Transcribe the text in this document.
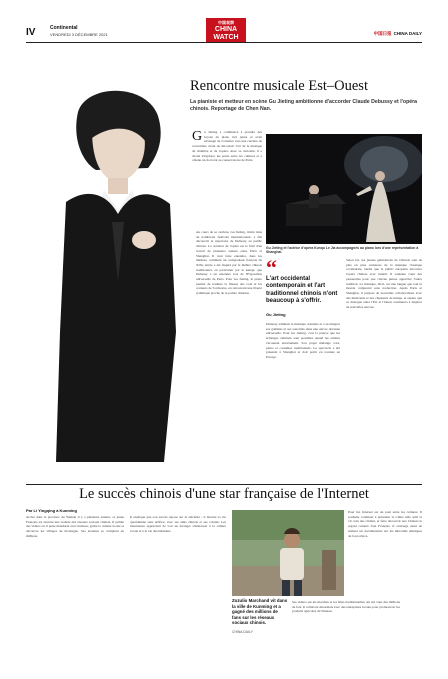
IV	Continental
VENDREDI 3 DÉCEMBRE 2021
中国观察
CHINA
WATCH
中国日报 CHINA DAILY
Rencontre musicale Est–Ouest
La pianiste et metteur en scène Gu Jieting ambitionne d'accorder Claude Debussy et l'opéra chinois. Reportage de Chen Nan.
Gu Jieting a commencé à prendre des leçons de piano très jeune et avait envisagé de s'orienter vers une carrière de concertiste avant de découvrir l'art de la musique de chambre et de l'opéra. Avec sa curiosité, il a choisi d'explorer les ponts entre les cultures et a obtenu un doctorat au conservatoire de Paris.
Au cours de sa carrière, Gu Jieting, invité dans de nombreux festivals internationaux, a fait découvrir le répertoire de Debussy au public chinois. La création de l'opéra est le fruit d'un travail de plusieurs années entre Paris et Shanghai. Il veut faire entendre, dans les théâtres, comment un compositeur français du XIXe siècle a été inspiré par le théâtre chinois traditionnel, en particulier par le kunqu, que Debussy a pu entendre lors de l'Exposition universelle de Paris. Pour Gu Jieting, le piano permet de traduire la finesse des voix et les couleurs de l'orchestre, en retrouvant une liberté rythmique proche de la poésie chinoise.
Gu Jieting et l'actrice d'opéra Kunqu Le Jia accompagnés au piano lors d'une représentation à Shanghai.
“
L'art occidental contemporain et l'art traditionnel chinois n'ont beaucoup à s'offrir.
Gu Jieting
Debussy admirait la musique orientale et a su intégrer ses gammes et ses sonorités dans une œuvre devenue universelle. Pour Gu Jieting, c'est la preuve que les échanges culturels sont possibles quand les artistes s'écoutent sincèrement. Son projet mélange voix, piano et costumes traditionnels. Le spectacle a été présenté à Shanghai et doit partir en tournée en Europe.
Selon lui, les jeunes générations de Chinois sont de plus en plus curieuses de la musique classique occidentale, tandis que le public européen découvre l'opéra chinois avec intérêt. Il souhaite créer des passerelles pour que chacun puisse apprécier l'autre tradition. La musique, dit-il, est une langue que tout le monde comprend sans traduction. Après Paris et Shanghai, il prépare de nouvelles collaborations avec des musiciens et des chanteurs de kunqu, et espère que ce dialogue entre l'Est et l'Ouest continuera à inspirer de nouvelles œuvres.
Le succès chinois d'une star française de l'Internet
Par Li Yingqing à Kunming
Arrivé dans la province du Yunnan il y a plusieurs années, ce jeune Français est devenu une vedette des réseaux sociaux chinois. Il publie des vidéos où il parle mandarin avec humour, goûte la cuisine locale et découvre les villages de montagne. Ses abonnés se comptent en millions.
Il explique que son succès repose sur la sincérité : il montre sa vie quotidienne sans artifice, avec ses amis chinois et ses voisins. Les internautes apprécient de voir un étranger s'intéresser à la culture locale et à la vie des habitants.
Zozulio Marchand vit dans la ville de Kunming et a gagné des millions de fans sur les réseaux sociaux chinois.
CHINA DAILY
Ses vidéos sur les marchés et les fêtes traditionnelles ont été vues des millions de fois. Il collabore désormais avec des entreprises locales pour promouvoir les produits agricoles du Yunnan.
Pour lui, Internet est un pont entre les cultures. Il souhaite continuer à présenter la Chine telle qu'il la vit, loin des clichés, et faire découvrir aux Chinois le regard curieux d'un Français. Il envisage aussi de réaliser un documentaire sur les minorités ethniques de la province.
